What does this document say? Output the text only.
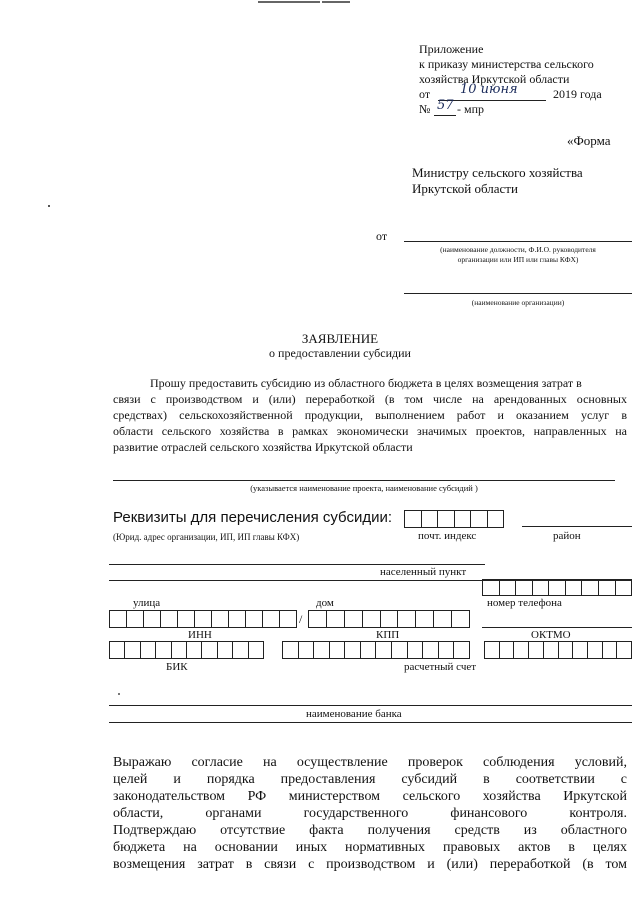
Приложение
к приказу министерства сельского
хозяйства Иркутской области
от 10 июня	2019 года
№ 57 - мпр
«Форма
Министру сельского хозяйства
Иркутской области
от
(наименование должности, Ф.И.О. руководителя
организации или ИП или главы КФХ)
(наименование организации)
ЗАЯВЛЕНИЕ
о предоставлении субсидии
Прошу предоставить субсидию из областного бюджета в целях возмещения затрат в
связи с производством и (или) переработкой (в том числе на арендованных основных
средствах) сельскохозяйственной продукции, выполнением работ и оказанием услуг в
области сельского хозяйства в рамках экономически значимых проектов, направленных на
развитие отраслей сельского хозяйства Иркутской области
(указывается наименование проекта, наименование субсидий )
Реквизиты для перечисления субсидии:
(Юрид. адрес организации, ИП, ИП главы КФХ)	почт. индекс	район
населенный пункт
улица	дом	номер телефона
/
ИНН	КПП	ОКТМО
БИК	расчетный счет
наименование банка
Выражаю согласие на осуществление проверок соблюдения условий,
целей и порядка предоставления субсидий в соответствии с
законодательством РФ министерством сельского хозяйства Иркутской
области, органами государственного финансового контроля.
Подтверждаю отсутствие факта получения средств из областного
бюджета на основании иных нормативных правовых актов в целях
возмещения затрат в связи с производством и (или) переработкой (в том
